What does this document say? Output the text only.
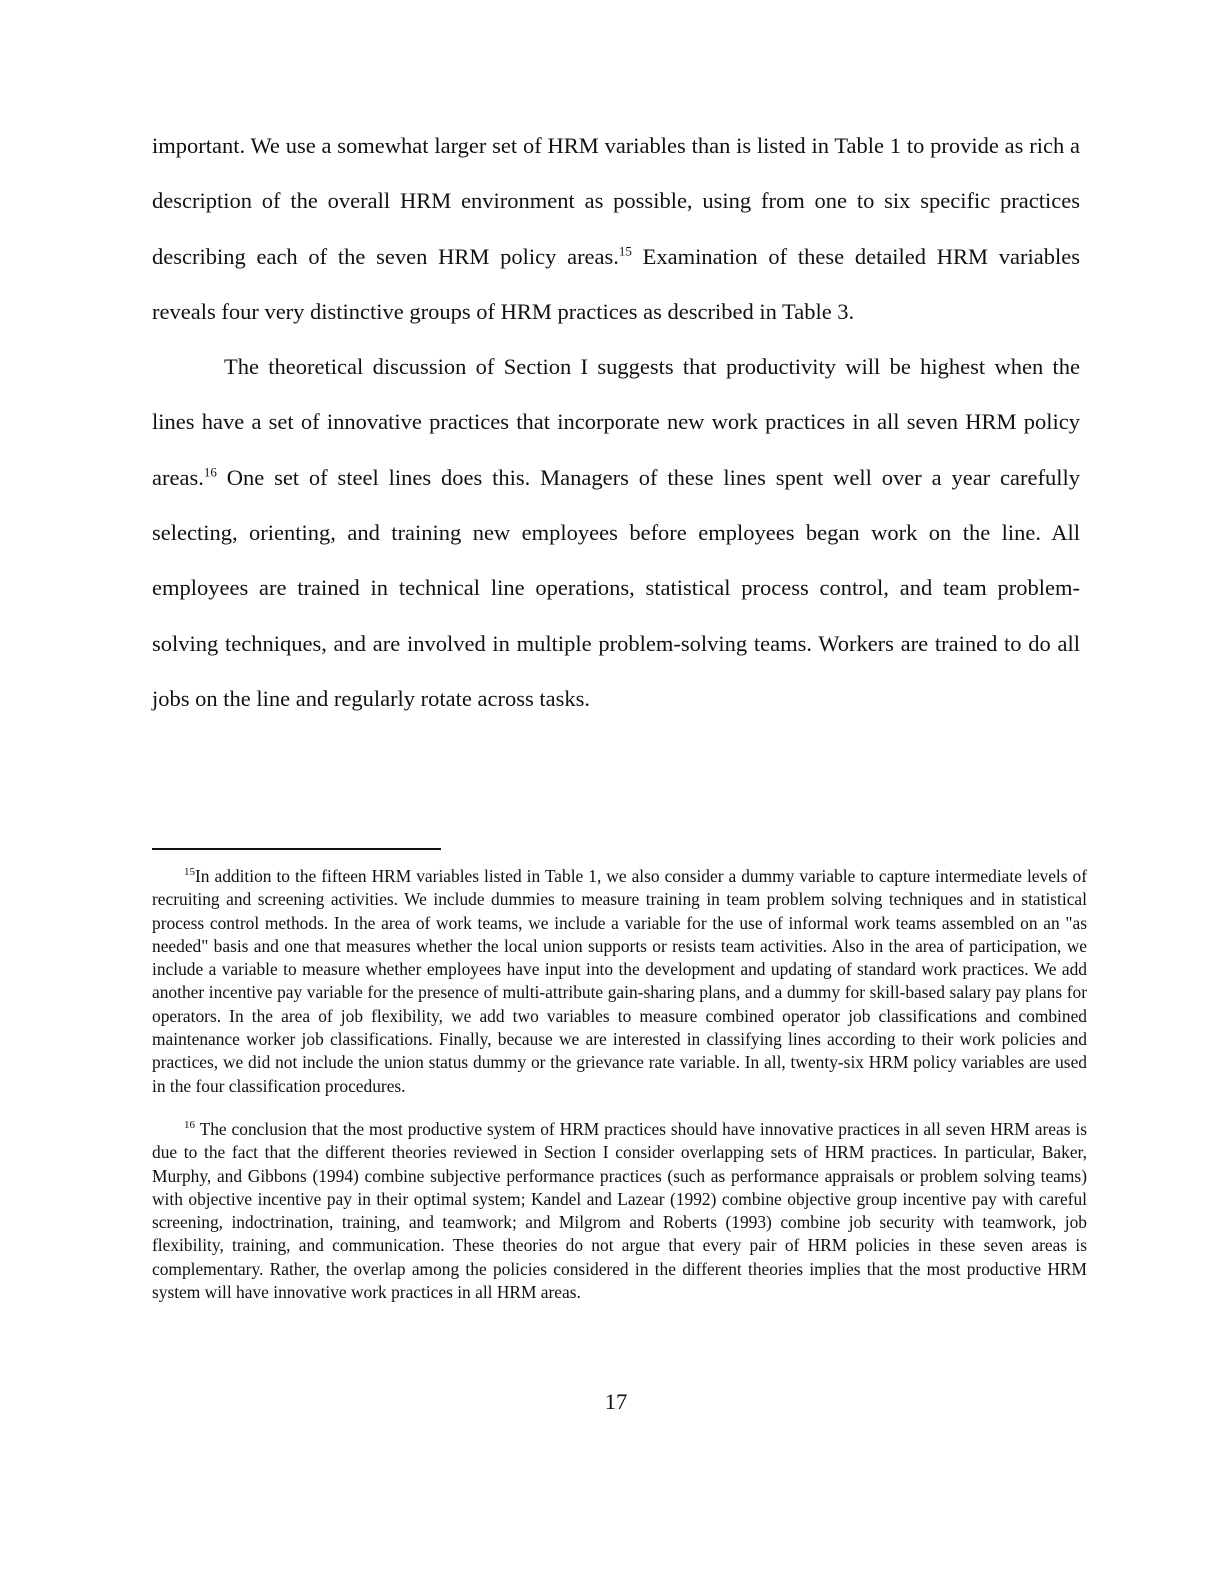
important. We use a somewhat larger set of HRM variables than is listed in Table 1 to provide as rich a description of the overall HRM environment as possible, using from one to six specific practices describing each of the seven HRM policy areas.$^{15}$ Examination of these detailed HRM variables reveals four very distinctive groups of HRM practices as described in Table 3.

The theoretical discussion of Section I suggests that productivity will be highest when the lines have a set of innovative practices that incorporate new work practices in all seven HRM policy areas.$^{16}$ One set of steel lines does this. Managers of these lines spent well over a year carefully selecting, orienting, and training new employees before employees began work on the line. All employees are trained in technical line operations, statistical process control, and team problem-solving techniques, and are involved in multiple problem-solving teams. Workers are trained to do all jobs on the line and regularly rotate across tasks.

$^{15}$In addition to the fifteen HRM variables listed in Table 1, we also consider a dummy variable to capture intermediate levels of recruiting and screening activities. We include dummies to measure training in team problem solving techniques and in statistical process control methods. In the area of work teams, we include a variable for the use of informal work teams assembled on an "as needed" basis and one that measures whether the local union supports or resists team activities. Also in the area of participation, we include a variable to measure whether employees have input into the development and updating of standard work practices. We add another incentive pay variable for the presence of multi-attribute gain-sharing plans, and a dummy for skill-based salary pay plans for operators. In the area of job flexibility, we add two variables to measure combined operator job classifications and combined maintenance worker job classifications. Finally, because we are interested in classifying lines according to their work policies and practices, we did not include the union status dummy or the grievance rate variable. In all, twenty-six HRM policy variables are used in the four classification procedures.

$^{16}$ The conclusion that the most productive system of HRM practices should have innovative practices in all seven HRM areas is due to the fact that the different theories reviewed in Section I consider overlapping sets of HRM practices. In particular, Baker, Murphy, and Gibbons (1994) combine subjective performance practices (such as performance appraisals or problem solving teams) with objective incentive pay in their optimal system; Kandel and Lazear (1992) combine objective group incentive pay with careful screening, indoctrination, training, and teamwork; and Milgrom and Roberts (1993) combine job security with teamwork, job flexibility, training, and communication. These theories do not argue that every pair of HRM policies in these seven areas is complementary. Rather, the overlap among the policies considered in the different theories implies that the most productive HRM system will have innovative work practices in all HRM areas.

17
